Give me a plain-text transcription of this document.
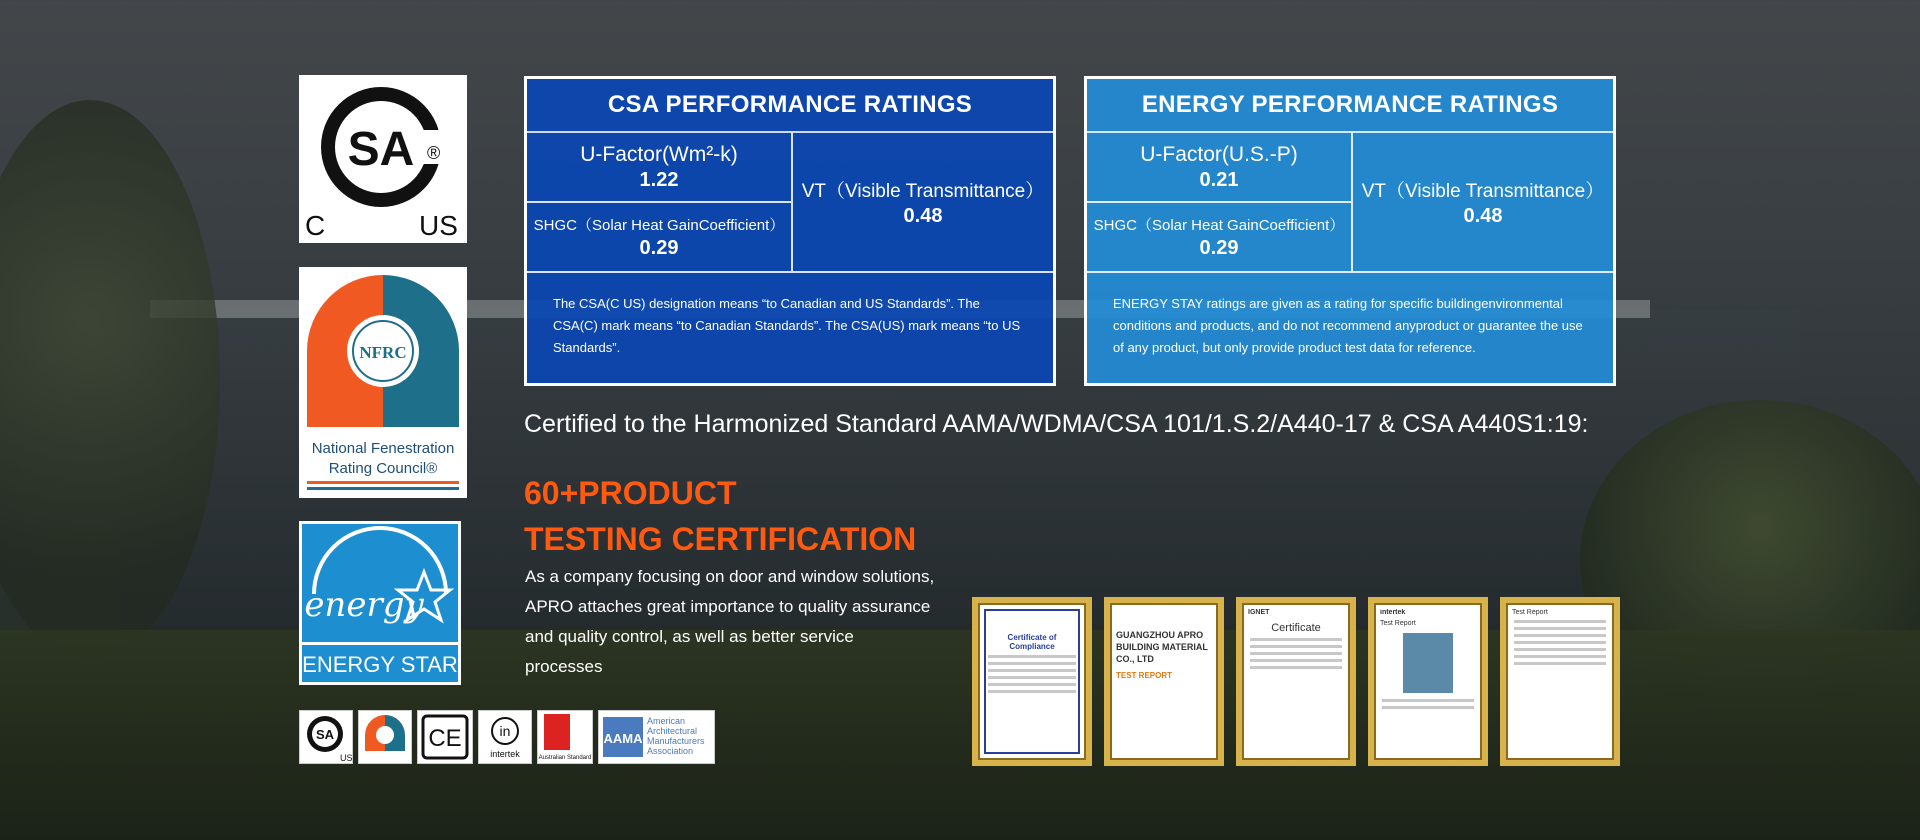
SA ®
C	US
NFRC
National Fenestration
Rating Council®
energy
ENERGY STAR
CSA PERFORMANCE RATINGS
U-Factor(Wm²-k)
1.22
SHGC（Solar Heat GainCoefficient）
0.29
VT（Visible Transmittance）
0.48
The CSA(C US) designation means “to Canadian and US Standards”. The CSA(C) mark means “to Canadian Standards”. The CSA(US) mark means “to US Standards”.
ENERGY PERFORMANCE RATINGS
U-Factor(U.S.-P)
0.21
SHGC（Solar Heat GainCoefficient）
0.29
VT（Visible Transmittance）
0.48
ENERGY STAY ratings are given as a rating for specific buildingenvironmental conditions and products, and do not recommend anyproduct or guarantee the use of any product, but only provide product test data for reference.
Certified to the Harmonized Standard AAMA/WDMA/CSA 101/1.S.2/A440-17 & CSA A440S1:19:
60+PRODUCT
TESTING CERTIFICATION
As a company focusing on door and window solutions, APRO attaches great importance to quality assurance and quality control, as well as better service processes
SA
US
CE	in
intertek	Australian Standard
AAMA
American Architectural Manufacturers Association
Certificate of Compliance
GUANGZHOU APRO BUILDING MATERIAL CO., LTD
TEST REPORT
IGNET
Certificate
intertek
Test Report
Test Report
